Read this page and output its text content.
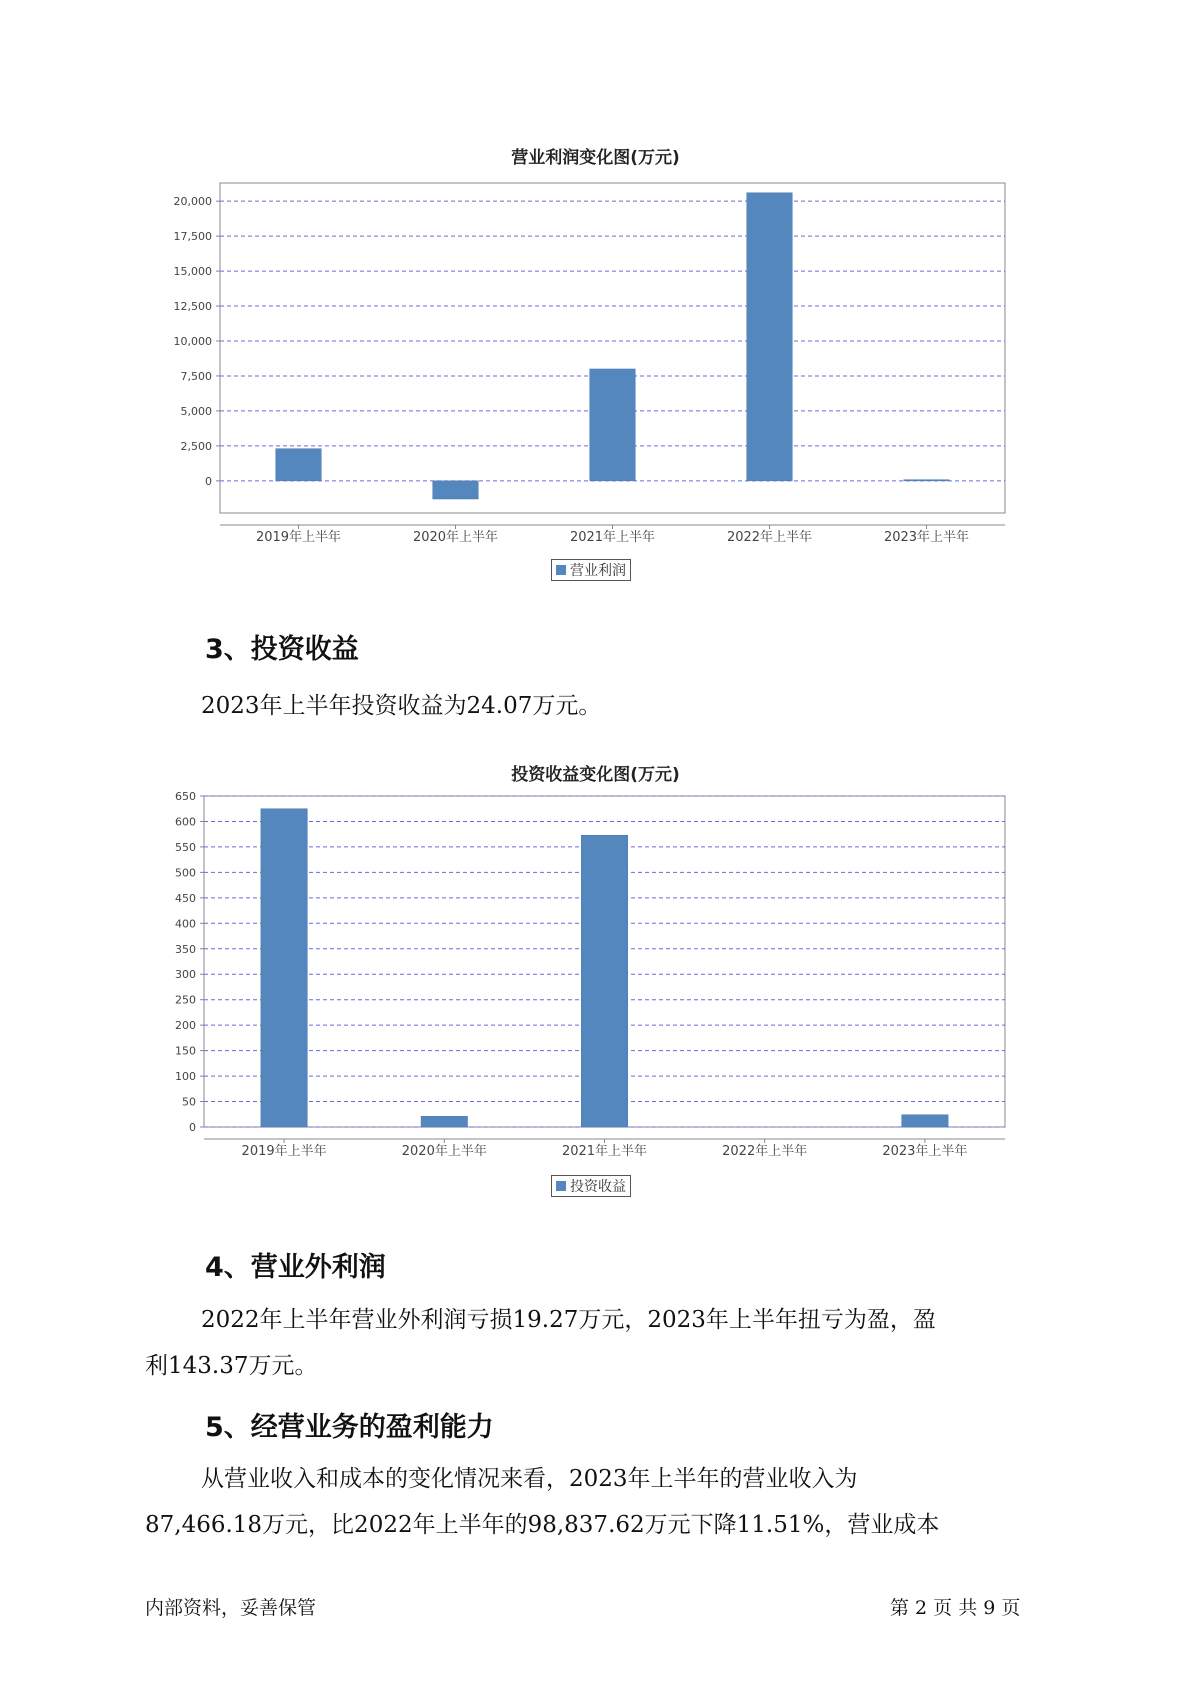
营业利润变化图(万元)
0
2,500
5,000
7,500
10,000
12,500
15,000
17,500
20,000
2019年上半年	2020年上半年	2021年上半年	2022年上半年	2023年上半年
营业利润
3、投资收益
2023年上半年投资收益为24.07万元。
投资收益变化图(万元)
0
50
100
150
200
250
300
350
400
450
500
550
600
650
2019年上半年	2020年上半年	2021年上半年	2022年上半年	2023年上半年
投资收益
4、营业外利润
2022年上半年营业外利润亏损19.27万元，2023年上半年扭亏为盈，盈
利143.37万元。
5、经营业务的盈利能力
从营业收入和成本的变化情况来看，2023年上半年的营业收入为
87,466.18万元，比2022年上半年的98,837.62万元下降11.51%，营业成本
内部资料，妥善保管	第 2 页 共 9 页
